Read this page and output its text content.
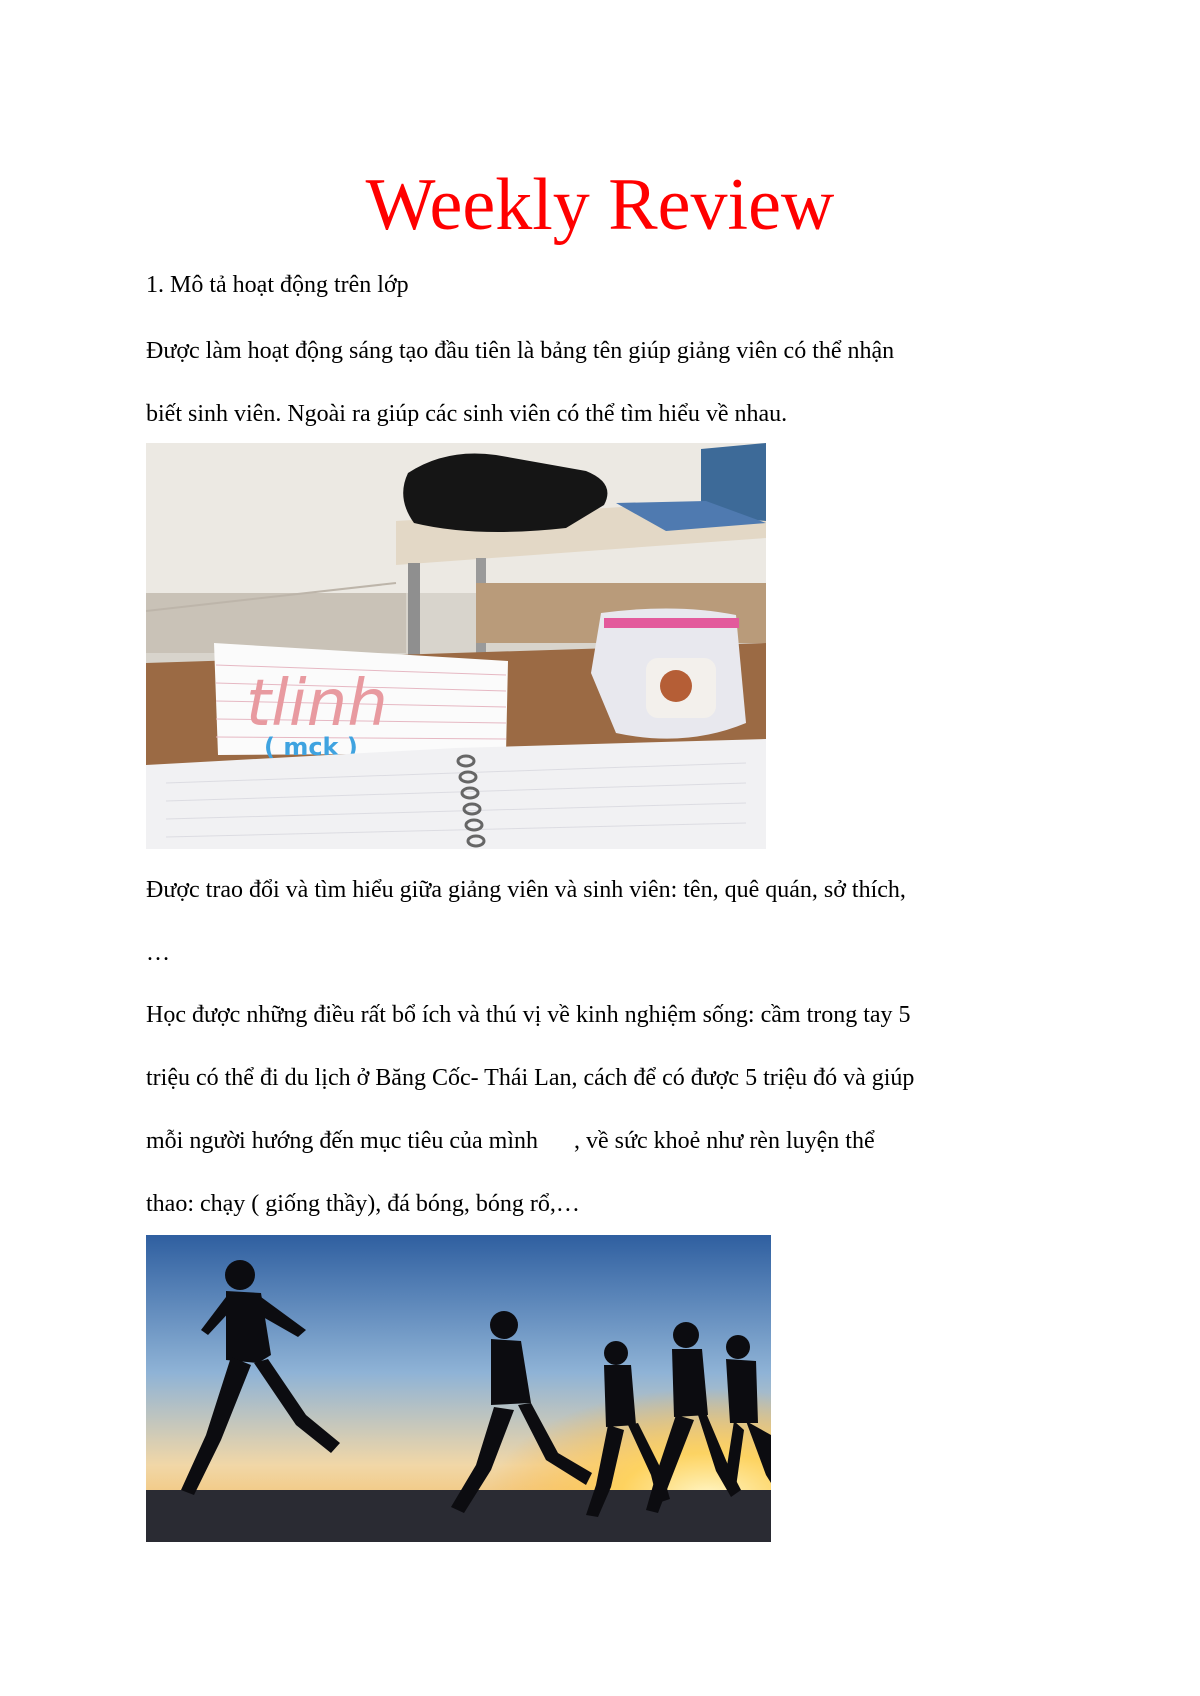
Weekly Review
1. Mô tả hoạt động trên lớp
Được làm hoạt động sáng tạo đầu tiên là bảng tên giúp giảng viên có thể nhận
biết sinh viên. Ngoài ra giúp các sinh viên có thể tìm hiểu về nhau.
tlinh
( mck )
Được trao đổi và tìm hiểu giữa giảng viên và sinh viên: tên, quê quán, sở thích,
…
Học được những điều rất bổ ích và thú vị về kinh nghiệm sống: cầm trong tay 5
triệu có thể đi du lịch ở Băng Cốc- Thái Lan, cách để có được 5 triệu đó và giúp
mỗi người hướng đến mục tiêu của mình      , về sức khoẻ như rèn luyện thể
thao: chạy ( giống thầy), đá bóng, bóng rổ,…
